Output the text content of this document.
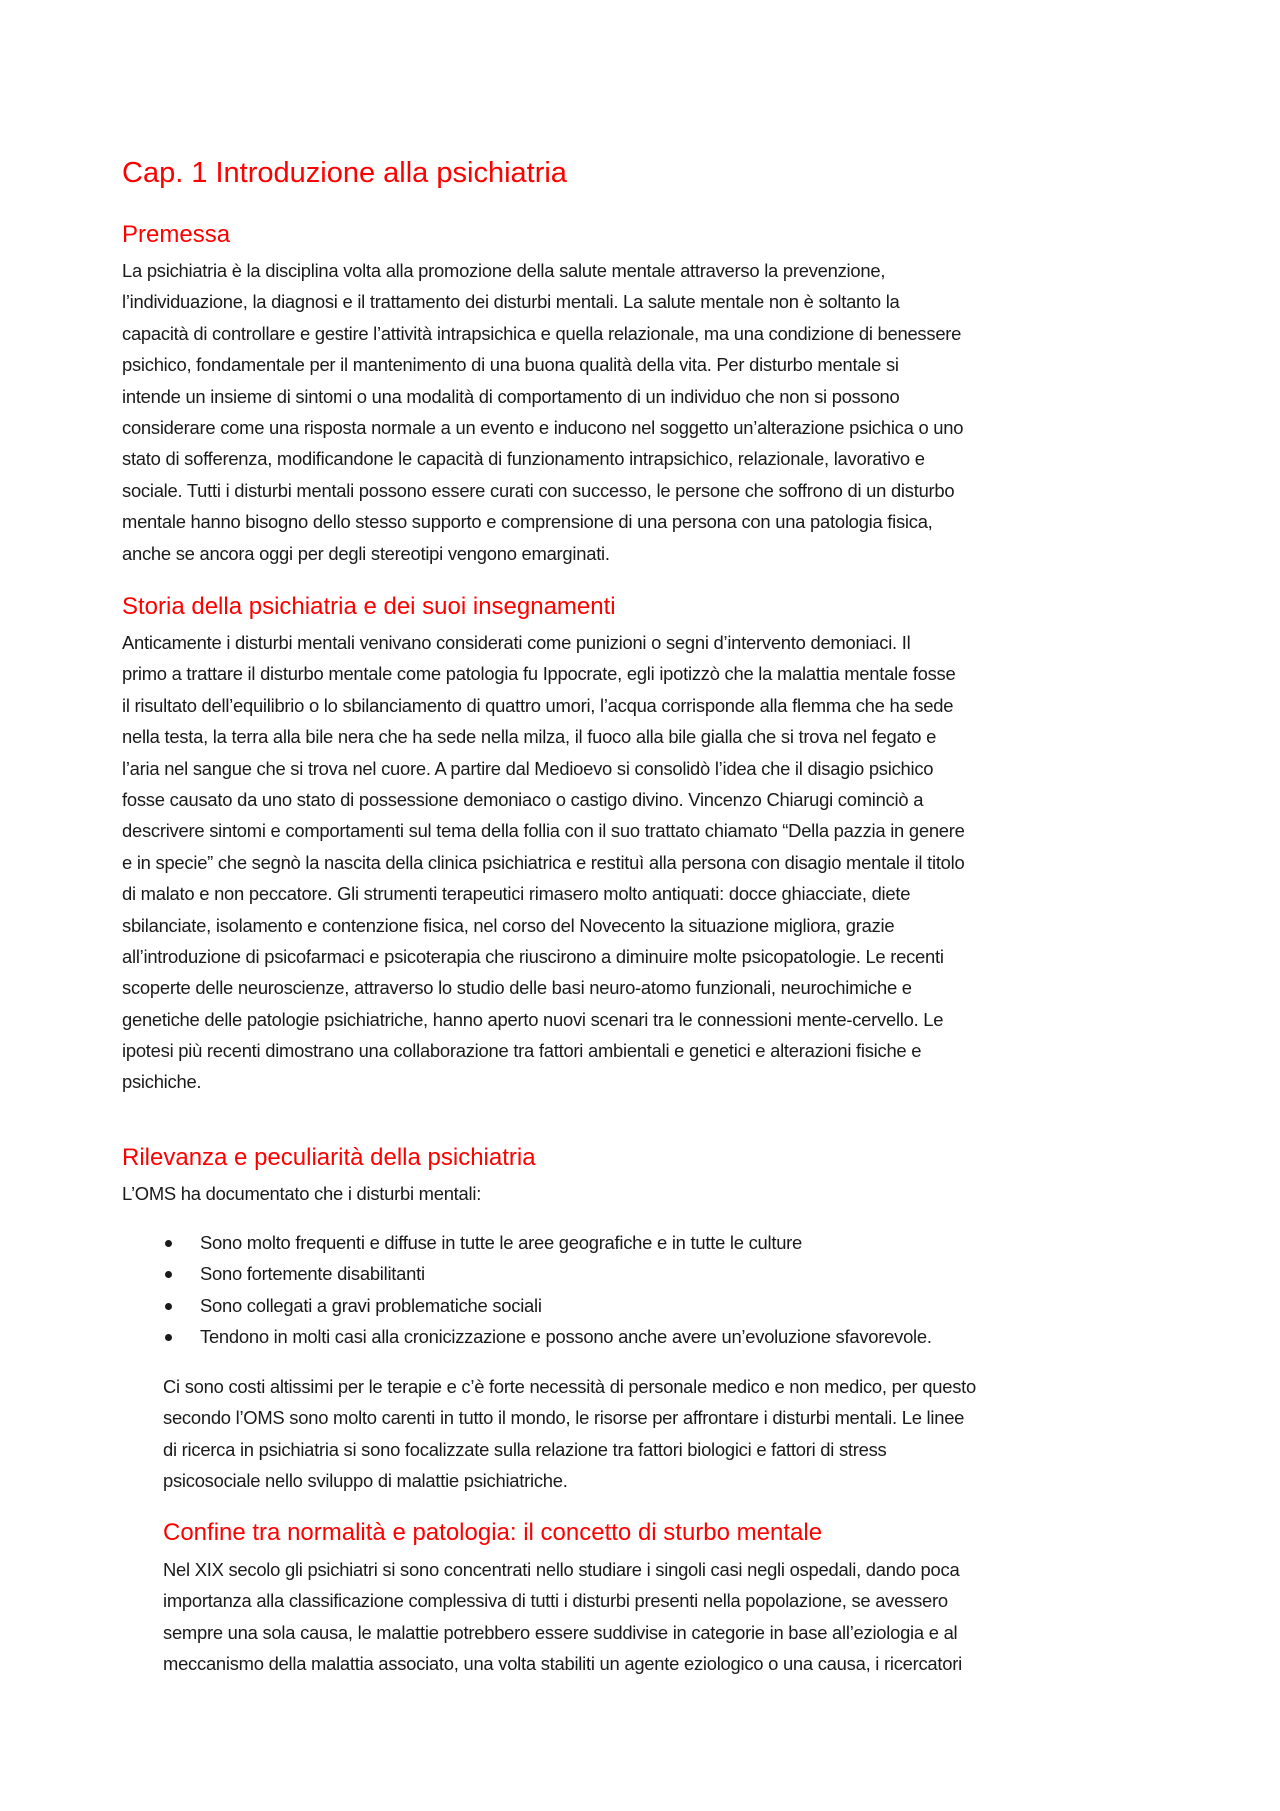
Cap. 1 Introduzione alla psichiatria
Premessa
La psichiatria è la disciplina volta alla promozione della salute mentale attraverso la prevenzione,
l’individuazione, la diagnosi e il trattamento dei disturbi mentali. La salute mentale non è soltanto la
capacità di controllare e gestire l’attività intrapsichica e quella relazionale, ma una condizione di benessere
psichico, fondamentale per il mantenimento di una buona qualità della vita. Per disturbo mentale si
intende un insieme di sintomi o una modalità di comportamento di un individuo che non si possono
considerare come una risposta normale a un evento e inducono nel soggetto un’alterazione psichica o uno
stato di sofferenza, modificandone le capacità di funzionamento intrapsichico, relazionale, lavorativo e
sociale. Tutti i disturbi mentali possono essere curati con successo, le persone che soffrono di un disturbo
mentale hanno bisogno dello stesso supporto e comprensione di una persona con una patologia fisica,
anche se ancora oggi per degli stereotipi vengono emarginati.
Storia della psichiatria e dei suoi insegnamenti
Anticamente i disturbi mentali venivano considerati come punizioni o segni d’intervento demoniaci. Il
primo a trattare il disturbo mentale come patologia fu Ippocrate, egli ipotizzò che la malattia mentale fosse
il risultato dell’equilibrio o lo sbilanciamento di quattro umori, l’acqua corrisponde alla flemma che ha sede
nella testa, la terra alla bile nera che ha sede nella milza, il fuoco alla bile gialla che si trova nel fegato e
l’aria nel sangue che si trova nel cuore. A partire dal Medioevo si consolidò l’idea che il disagio psichico
fosse causato da uno stato di possessione demoniaco o castigo divino. Vincenzo Chiarugi cominciò a
descrivere sintomi e comportamenti sul tema della follia con il suo trattato chiamato “Della pazzia in genere
e in specie” che segnò la nascita della clinica psichiatrica e restituì alla persona con disagio mentale il titolo
di malato e non peccatore. Gli strumenti terapeutici rimasero molto antiquati: docce ghiacciate, diete
sbilanciate, isolamento e contenzione fisica, nel corso del Novecento la situazione migliora, grazie
all’introduzione di psicofarmaci e psicoterapia che riuscirono a diminuire molte psicopatologie. Le recenti
scoperte delle neuroscienze, attraverso lo studio delle basi neuro-atomo funzionali, neurochimiche e
genetiche delle patologie psichiatriche, hanno aperto nuovi scenari tra le connessioni mente-cervello. Le
ipotesi più recenti dimostrano una collaborazione tra fattori ambientali e genetici e alterazioni fisiche e
psichiche.
Rilevanza e peculiarità della psichiatria
L’OMS ha documentato che i disturbi mentali:
Sono molto frequenti e diffuse in tutte le aree geografiche e in tutte le culture
Sono fortemente disabilitanti
Sono collegati a gravi problematiche sociali
Tendono in molti casi alla cronicizzazione e possono anche avere un’evoluzione sfavorevole.
Ci sono costi altissimi per le terapie e c’è forte necessità di personale medico e non medico, per questo
secondo l’OMS sono molto carenti in tutto il mondo, le risorse per affrontare i disturbi mentali. Le linee
di ricerca in psichiatria si sono focalizzate sulla relazione tra fattori biologici e fattori di stress
psicosociale nello sviluppo di malattie psichiatriche.
Confine tra normalità e patologia: il concetto di sturbo mentale
Nel XIX secolo gli psichiatri si sono concentrati nello studiare i singoli casi negli ospedali, dando poca
importanza alla classificazione complessiva di tutti i disturbi presenti nella popolazione, se avessero
sempre una sola causa, le malattie potrebbero essere suddivise in categorie in base all’eziologia e al
meccanismo della malattia associato, una volta stabiliti un agente eziologico o una causa, i ricercatori
